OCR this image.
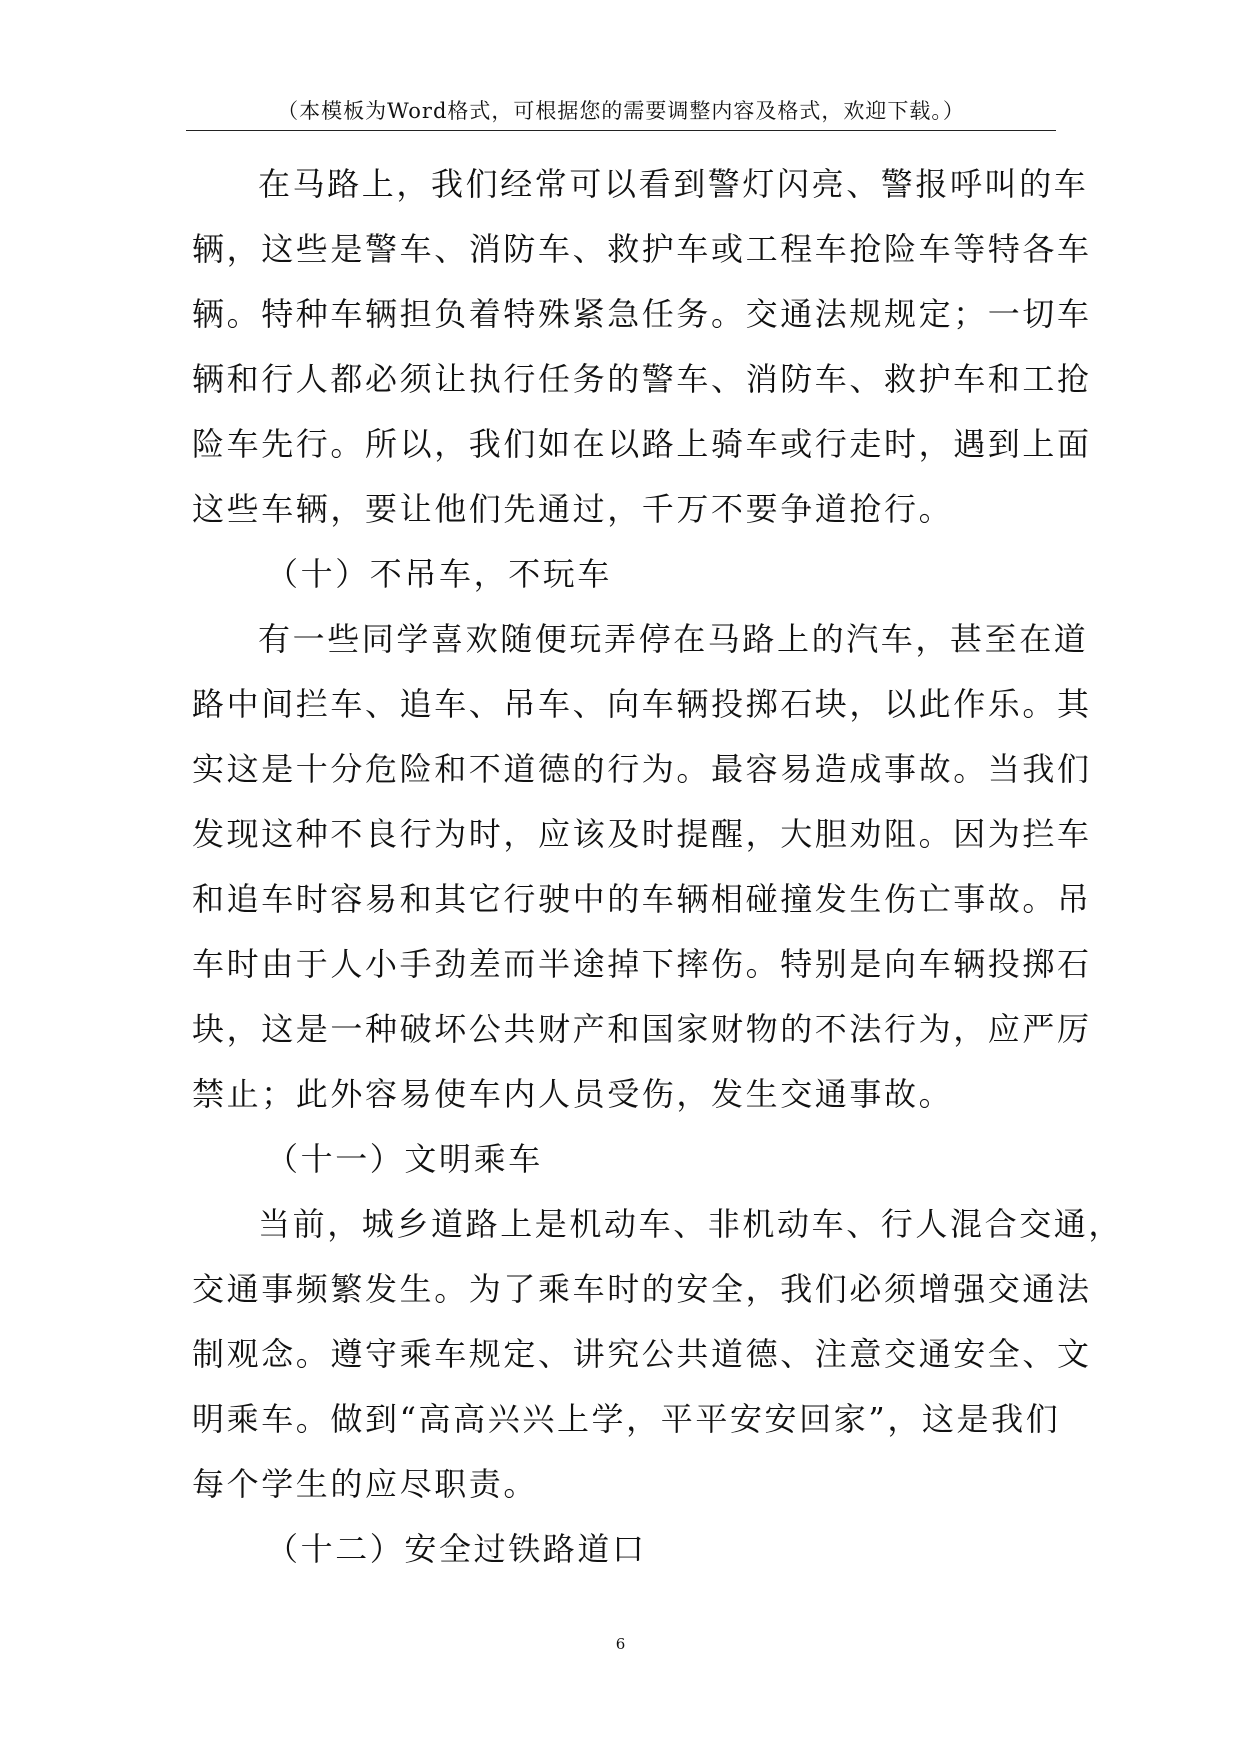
（本模板为Word格式，可根据您的需要调整内容及格式，欢迎下载。）
在马路上，我们经常可以看到警灯闪亮、警报呼叫的车
辆，这些是警车、消防车、救护车或工程车抢险车等特各车
辆。特种车辆担负着特殊紧急任务。交通法规规定；一切车
辆和行人都必须让执行任务的警车、消防车、救护车和工抢
险车先行。所以，我们如在以路上骑车或行走时，遇到上面
这些车辆，要让他们先通过，千万不要争道抢行。
（十）不吊车，不玩车
有一些同学喜欢随便玩弄停在马路上的汽车，甚至在道
路中间拦车、追车、吊车、向车辆投掷石块，以此作乐。其
实这是十分危险和不道德的行为。最容易造成事故。当我们
发现这种不良行为时，应该及时提醒，大胆劝阻。因为拦车
和追车时容易和其它行驶中的车辆相碰撞发生伤亡事故。吊
车时由于人小手劲差而半途掉下摔伤。特别是向车辆投掷石
块，这是一种破坏公共财产和国家财物的不法行为，应严厉
禁止；此外容易使车内人员受伤，发生交通事故。
（十一）文明乘车
当前，城乡道路上是机动车、非机动车、行人混合交通，
交通事频繁发生。为了乘车时的安全，我们必须增强交通法
制观念。遵守乘车规定、讲究公共道德、注意交通安全、文
明乘车。做到“高高兴兴上学，平平安安回家”，这是我们
每个学生的应尽职责。
（十二）安全过铁路道口
6
